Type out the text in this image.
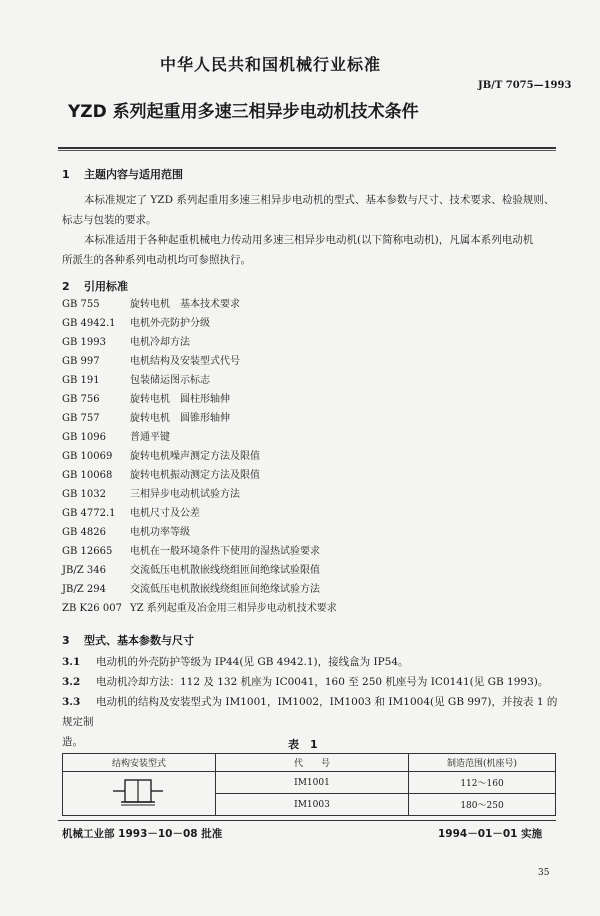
中华人民共和国机械行业标准
JB/T 7075—1993
YZD 系列起重用多速三相异步电动机技术条件
1 主题内容与适用范围
本标准规定了 YZD 系列起重用多速三相异步电动机的型式、基本参数与尺寸、技术要求、检验规则、
标志与包装的要求。
本标准适用于各种起重机械电力传动用多速三相异步电动机(以下简称电动机)，凡属本系列电动机
所派生的各种系列电动机均可参照执行。
2 引用标准
GB 755	旋转电机　基本技术要求
GB 4942.1 电机外壳防护分级
GB 1993 电机冷却方法
GB 997	电机结构及安装型式代号
GB 191	包装储运图示标志
GB 756	旋转电机　圆柱形轴伸
GB 757	旋转电机　圆锥形轴伸
GB 1096 普通平键
GB 10069 旋转电机噪声测定方法及限值
GB 10068 旋转电机振动测定方法及限值
GB 1032 三相异步电动机试验方法
GB 4772.1 电机尺寸及公差
GB 4826 电机功率等级
GB 12665 电机在一般环境条件下使用的湿热试验要求
JB/Z 346 交流低压电机散嵌线绕组匝间绝缘试验限值
JB/Z 294 交流低压电机散嵌线绕组匝间绝缘试验方法
ZB K26 007 YZ 系列起重及冶金用三相异步电动机技术要求
3 型式、基本参数与尺寸
3.1 电动机的外壳防护等级为 IP44(见 GB 4942.1)，接线盒为 IP54。
3.2 电动机冷却方法：112 及 132 机座为 IC0041，160 至 250 机座号为 IC0141(见 GB 1993)。
3.3 电动机的结构及安装型式为 IM1001，IM1002，IM1003 和 IM1004(见 GB 997)，并按表 1 的规定制
造。	表　1
结构安装型式	代　　号	制造范围(机座号)
	IM1001	112～160
	IM1003	180～250
机械工业部 1993－10－08 批准	1994－01－01 实施
35
